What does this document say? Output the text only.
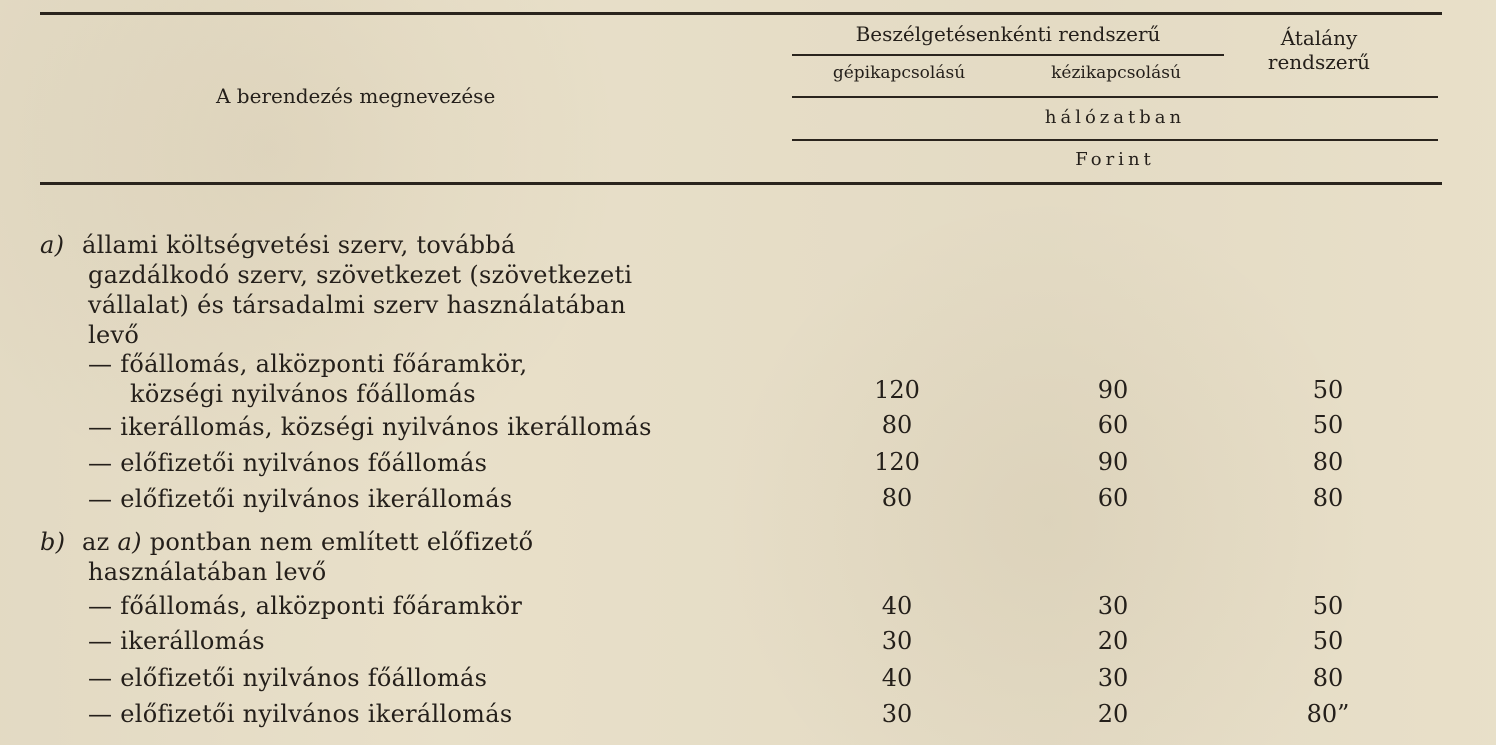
A berendezés megnevezése
Beszélgetésenkénti rendszerű
gépikapcsolású	kézikapcsolású
Átalány
rendszerű
hálózatban
Forint
a) állami költségvetési szerv, továbbá
gazdálkodó szerv, szövetkezet (szövetkezeti
vállalat) és társadalmi szerv használatában
levő
— főállomás, alközponti főáramkör,
községi nyilvános főállomás	120	90	50
— ikerállomás, községi nyilvános ikerállomás	80	60	50
— előfizetői nyilvános főállomás	120	90	80
— előfizetői nyilvános ikerállomás	80	60	80
b) az a) pontban nem említett előfizető
használatában levő
— főállomás, alközponti főáramkör	40	30	50
— ikerállomás	30	20	50
— előfizetői nyilvános főállomás	40	30	80
— előfizetői nyilvános ikerállomás	30	20	80”
